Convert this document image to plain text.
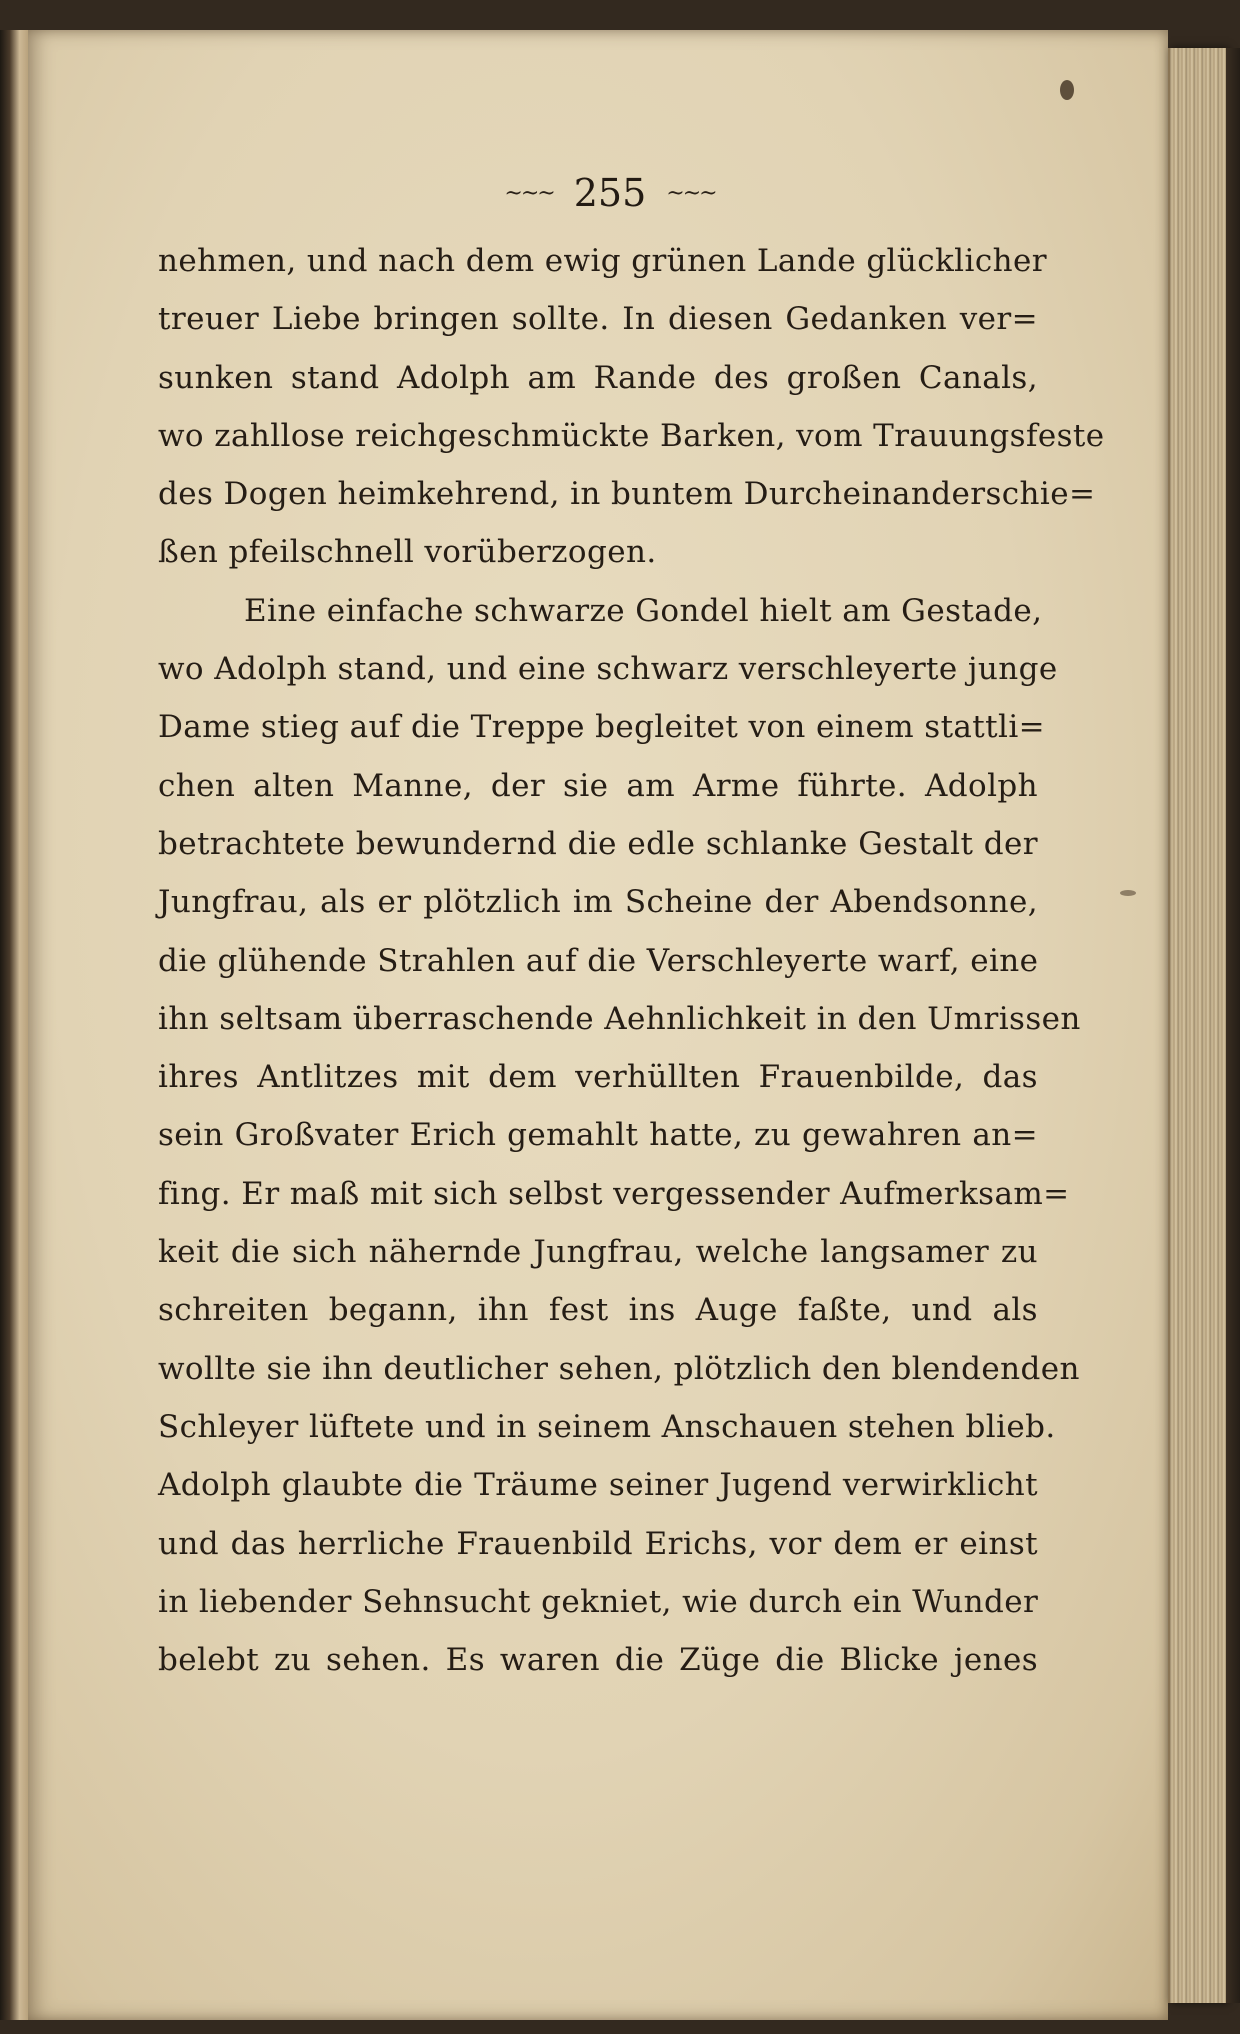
~~~ 255 ~~~
nehmen, und nach dem ewig grünen Lande glücklicher
treuer Liebe bringen sollte. In diesen Gedanken ver=
sunken stand Adolph am Rande des großen Canals,
wo zahllose reichgeschmückte Barken, vom Trauungsfeste
des Dogen heimkehrend, in buntem Durcheinanderschie=
ßen pfeilschnell vorüberzogen.
Eine einfache schwarze Gondel hielt am Gestade,
wo Adolph stand, und eine schwarz verschleyerte junge
Dame stieg auf die Treppe begleitet von einem stattli=
chen alten Manne, der sie am Arme führte. Adolph
betrachtete bewundernd die edle schlanke Gestalt der
Jungfrau, als er plötzlich im Scheine der Abendsonne,
die glühende Strahlen auf die Verschleyerte warf, eine
ihn seltsam überraschende Aehnlichkeit in den Umrissen
ihres Antlitzes mit dem verhüllten Frauenbilde, das
sein Großvater Erich gemahlt hatte, zu gewahren an=
fing. Er maß mit sich selbst vergessender Aufmerksam=
keit die sich nähernde Jungfrau, welche langsamer zu
schreiten begann, ihn fest ins Auge faßte, und als
wollte sie ihn deutlicher sehen, plötzlich den blendenden
Schleyer lüftete und in seinem Anschauen stehen blieb.
Adolph glaubte die Träume seiner Jugend verwirklicht
und das herrliche Frauenbild Erichs, vor dem er einst
in liebender Sehnsucht gekniet, wie durch ein Wunder
belebt zu sehen. Es waren die Züge die Blicke jenes
